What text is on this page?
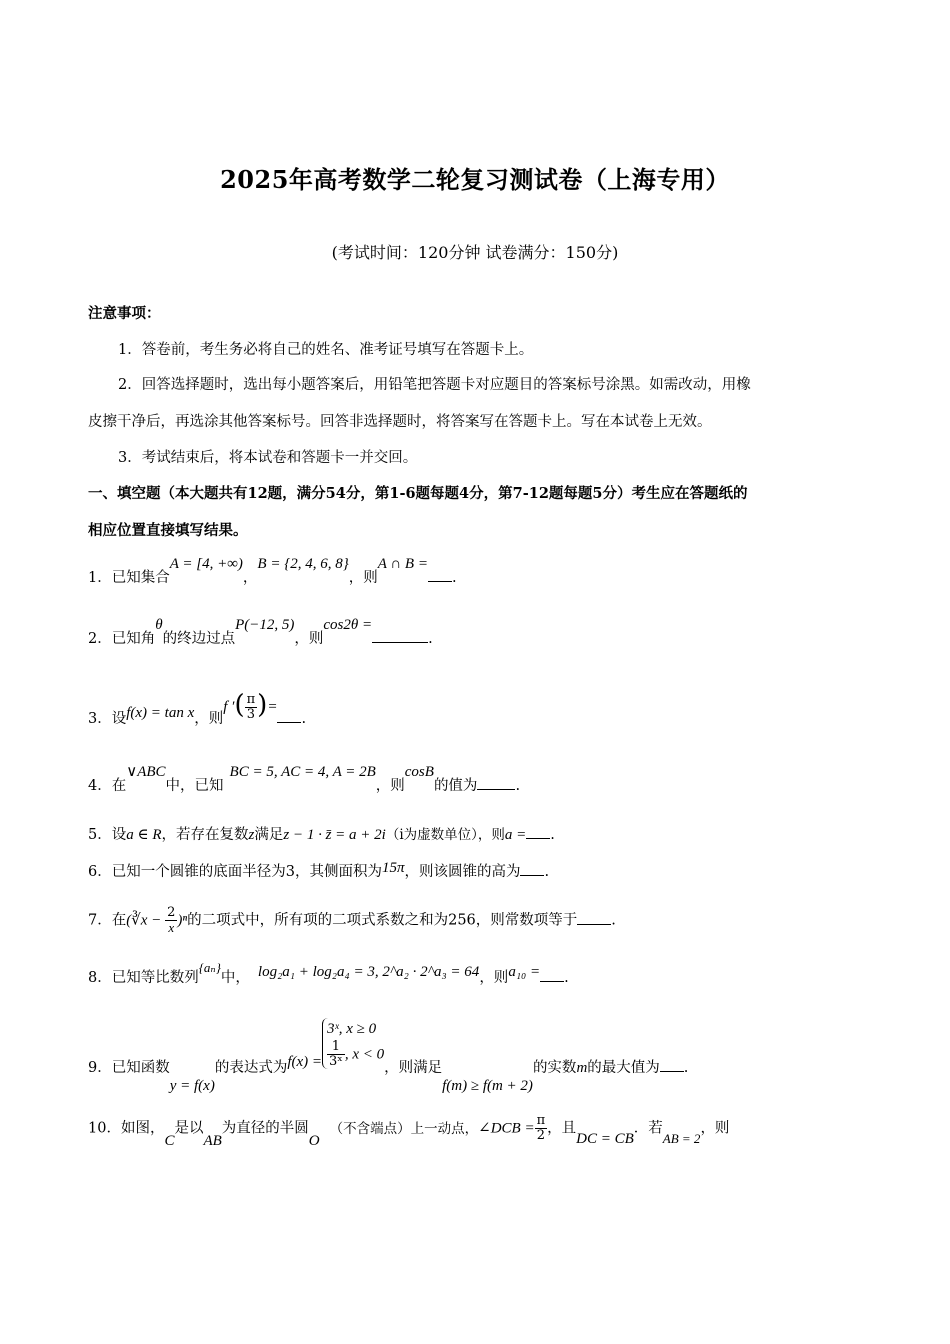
2025年高考数学二轮复习测试卷（上海专用）
(考试时间：120分钟 试卷满分：150分)
注意事项：
1．答卷前，考生务必将自己的姓名、准考证号填写在答题卡上。
2．回答选择题时，选出每小题答案后，用铅笔把答题卡对应题目的答案标号涂黑。如需改动，用橡
皮擦干净后，再选涂其他答案标号。回答非选择题时，将答案写在答题卡上。写在本试卷上无效。
3．考试结束后，将本试卷和答题卡一并交回。
一、填空题（本大题共有12题，满分54分，第1-6题每题4分，第7-12题每题5分）考生应在答题纸的
相应位置直接填写结果。
1．已知集合A = [4, +∞)，B = {2, 4, 6, 8}，则A ∩ B =.
2．已知角θ的终边过点P(−12, 5)，则cos2θ =.
3．设f(x) = tan x，则f ′( $\frac{\pi}{3}$ )=.
4．在∨ABC中，已知BC = 5, AC = 4, A = 2B，则cosB的值为	.
5．设a ∈ R，若存在复数z满足z − 1 · z̄ = a + 2i（i为虚数单位），则a = .
6．已知一个圆锥的底面半径为3，其侧面积为15π，则该圆锥的高为 .
7．在(∛x − $\frac{2}{x} )^n$的二项式中，所有项的二项式系数之和为256，则常数项等于 .
8．已知等比数列{aₙ}中， log₂a₁ + log₂a₄ = 3, 2^a₂ · 2^a₃ = 64，则a₁₀ = .
9．已知函数y = f(x)的表达式为f(x) =
3ˣ, x ≥ 0
$\frac{1}{\text{3ˣ}}$ , x < 0
，则满足f(m) ≥ f(m + 2)的实数m的最大值为 .
10．如图，C是以AB为直径的半圆O（不含端点）上一动点，∠DCB = $\frac{\pi}{2}$ ，且DC = CB．若AB = 2，则
